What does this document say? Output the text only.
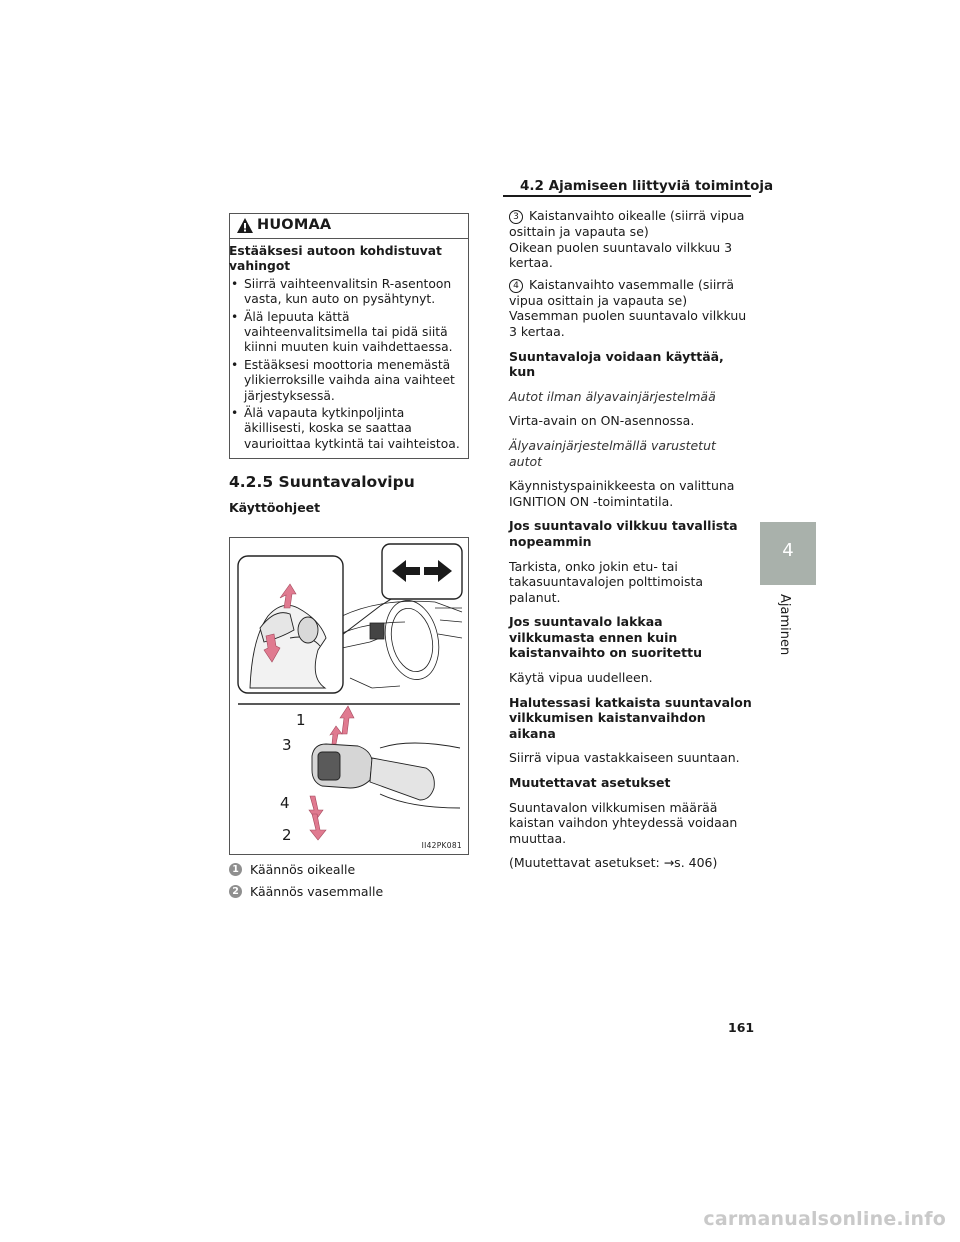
4.2 Ajamiseen liittyviä toimintoja
HUOMAA
Estääksesi autoon kohdistuvat vahingot
• Siirrä vaihteenvalitsin R-asentoon vasta, kun auto on pysähtynyt.
• Älä lepuuta kättä vaihteenvalitsimella tai pidä siitä kiinni muuten kuin vaihdettaessa.
• Estääksesi moottoria menemästä ylikierroksille vaihda aina vaihteet järjestyksessä.
• Älä vapauta kytkinpoljinta äkillisesti, koska se saattaa vaurioittaa kytkintä tai vaihteistoa.
4.2.5 Suuntavalovipu
Käyttöohjeet
1
3
4
2
II42PK081
1 Käännös oikealle
2 Käännös vasemmalle

3 Kaistanvaihto oikealle (siirrä vipua osittain ja vapauta se)
Oikean puolen suuntavalo vilkkuu 3 kertaa.

4 Kaistanvaihto vasemmalle (siirrä vipua osittain ja vapauta se)
Vasemman puolen suuntavalo vilkkuu 3 kertaa.

Suuntavaloja voidaan käyttää, kun

Autot ilman älyavainjärjestelmää

Virta-avain on ON-asennossa.

Älyavainjärjestelmällä varustetut autot

Käynnistyspainikkeesta on valittuna IGNITION ON -toimintatila.

Jos suuntavalo vilkkuu tavallista nopeammin

Tarkista, onko jokin etu- tai takasuuntavalojen polttimoista palanut.

Jos suuntavalo lakkaa vilkkumasta ennen kuin kaistanvaihto on suoritettu

Käytä vipua uudelleen.

Halutessasi katkaista suuntavalon vilkkumisen kaistanvaihdon aikana

Siirrä vipua vastakkaiseen suuntaan.

Muutettavat asetukset

Suuntavalon vilkkumisen määrää kaistan vaihdon yhteydessä voidaan muuttaa.

(Muutettavat asetukset: →s. 406)

4
Ajaminen
161
carmanualsonline.info
